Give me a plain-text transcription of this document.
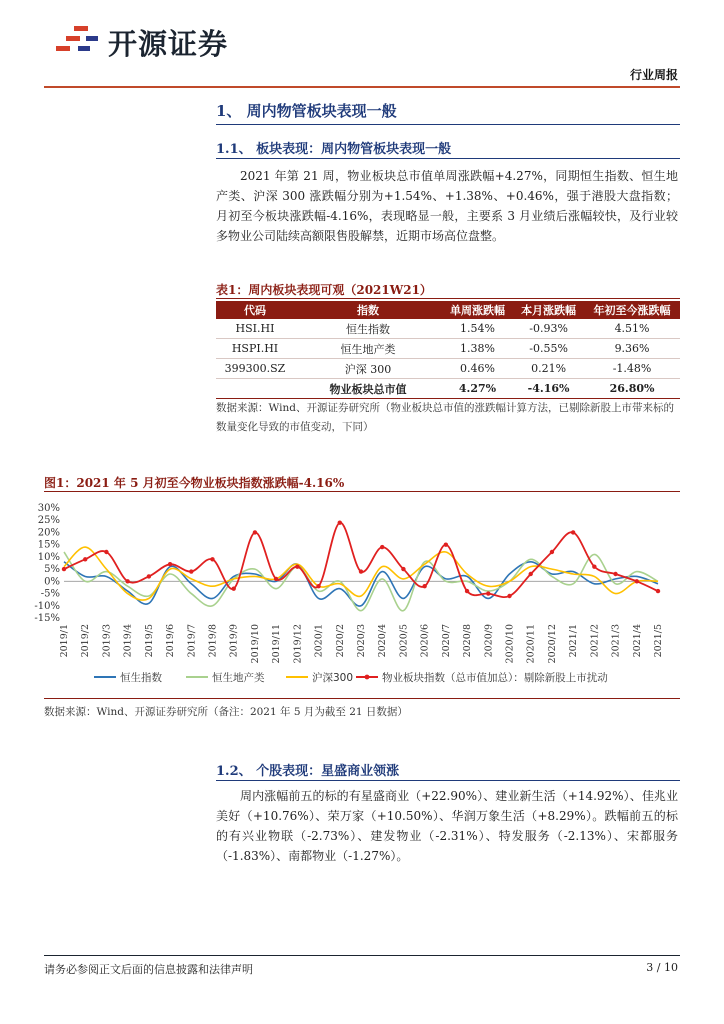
开源证券
行业周报
1、 周内物管板块表现一般
1.1、 板块表现：周内物管板块表现一般

2021 年第 21 周，物业板块总市值单周涨跌幅+4.27%，同期恒生指数、恒生地产类、沪深 300 涨跌幅分别为+1.54%、+1.38%、+0.46%，强于港股大盘指数；月初至今板块涨跌幅-4.16%，表现略显一般，主要系 3 月业绩后涨幅较快，及行业较多物业公司陆续高额限售股解禁，近期市场高位盘整。

表1：周内板块表现可观（2021W21）
代码	指数	单周涨跌幅	本月涨跌幅	年初至今涨跌幅
HSI.HI	恒生指数	1.54%	-0.93%	4.51%
HSPI.HI	恒生地产类	1.38%	-0.55%	9.36%
399300.SZ	沪深 300	0.46%	0.21%	-1.48%
	物业板块总市值	4.27%	-4.16%	26.80%
数据来源：Wind、开源证券研究所（物业板块总市值的涨跌幅计算方法，已剔除新股上市带来标的数量变化导致的市值变动，下同）
图1：2021 年 5 月初至今物业板块指数涨跌幅-4.16%
30%
25%
20%
15%
10%
5%
0%
-5%
-10%
-15%
2019/1 2019/2 2019/3 2019/4 2019/5 2019/6 2019/7 2019/8 2019/9 2019/10 2019/11 2019/12 2020/1 2020/2 2020/3 2020/4 2020/5 2020/6 2020/7 2020/8 2020/9 2020/10 2020/11 2020/12 2021/1 2021/2 2021/3 2021/4 2021/5
恒生指数	恒生地产类	沪深300	物业板块指数（总市值加总）：剔除新股上市扰动
数据来源：Wind、开源证券研究所（备注：2021 年 5 月为截至 21 日数据）
1.2、 个股表现：星盛商业领涨

周内涨幅前五的标的有星盛商业（+22.90%）、建业新生活（+14.92%）、佳兆业美好（+10.76%）、荣万家（+10.50%）、华润万象生活（+8.29%）。跌幅前五的标的有兴业物联（-2.73%）、建发物业（-2.31%）、特发服务（-2.13%）、宋都服务（-1.83%）、南都物业（-1.27%）。

请务必参阅正文后面的信息披露和法律声明	3 / 10
